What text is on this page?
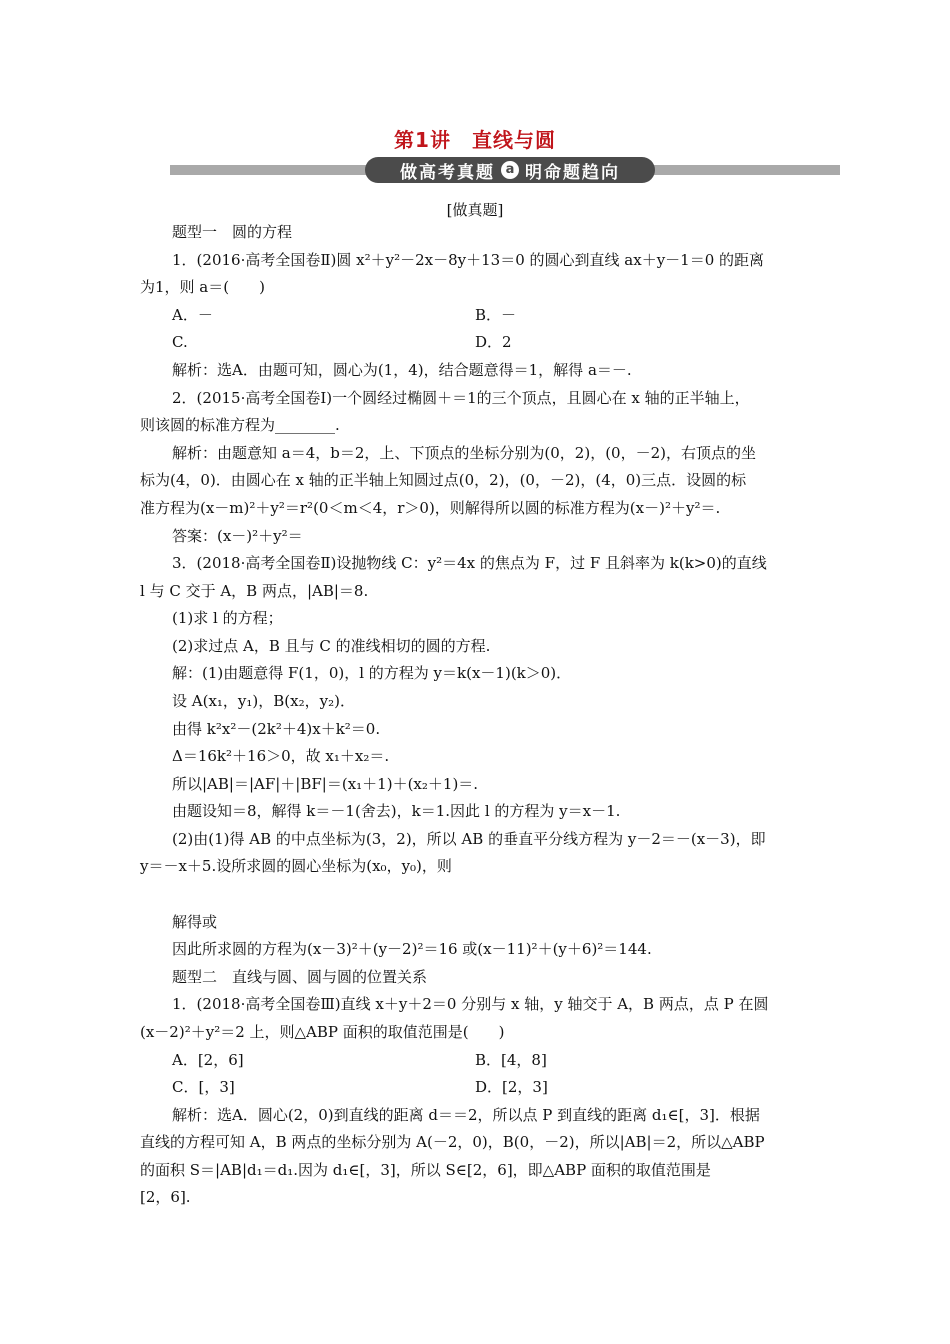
第1讲　直线与圆
做高考真题 a 明命题趋向
[做真题]
题型一　圆的方程
1．(2016·高考全国卷Ⅱ)圆 x²＋y²－2x－8y＋13＝0 的圆心到直线 ax＋y－1＝0 的距离
为1，则 a＝(　　)
A．－	B．－
C.	D．2
解析：选A．由题可知，圆心为(1，4)，结合题意得＝1，解得 a＝－.
2．(2015·高考全国卷Ⅰ)一个圆经过椭圆＋＝1的三个顶点，且圆心在 x 轴的正半轴上，
则该圆的标准方程为________.
解析：由题意知 a＝4，b＝2，上、下顶点的坐标分别为(0，2)，(0，－2)，右顶点的坐
标为(4，0)．由圆心在 x 轴的正半轴上知圆过点(0，2)，(0，－2)，(4，0)三点．设圆的标
准方程为(x－m)²＋y²＝r²(0＜m＜4，r＞0)，则解得所以圆的标准方程为(x－)²＋y²＝.
答案：(x－)²＋y²＝
3．(2018·高考全国卷Ⅱ)设抛物线 C：y²＝4x 的焦点为 F，过 F 且斜率为 k(k>0)的直线
l 与 C 交于 A，B 两点，|AB|＝8.
(1)求 l 的方程；
(2)求过点 A，B 且与 C 的准线相切的圆的方程.
解：(1)由题意得 F(1，0)，l 的方程为 y＝k(x－1)(k＞0)．
设 A(x₁，y₁)，B(x₂，y₂)．
由得 k²x²－(2k²＋4)x＋k²＝0.
Δ＝16k²＋16＞0，故 x₁＋x₂＝.
所以|AB|＝|AF|＋|BF|＝(x₁＋1)＋(x₂＋1)＝.
由题设知＝8，解得 k＝－1(舍去)，k＝1.因此 l 的方程为 y＝x－1.
(2)由(1)得 AB 的中点坐标为(3，2)，所以 AB 的垂直平分线方程为 y－2＝－(x－3)，即
y＝－x＋5.设所求圆的圆心坐标为(x₀，y₀)，则
解得或
因此所求圆的方程为(x－3)²＋(y－2)²＝16 或(x－11)²＋(y＋6)²＝144.
题型二　直线与圆、圆与圆的位置关系
1．(2018·高考全国卷Ⅲ)直线 x＋y＋2＝0 分别与 x 轴，y 轴交于 A，B 两点，点 P 在圆
(x－2)²＋y²＝2 上，则△ABP 面积的取值范围是(　　)
A．[2，6]	B．[4，8]
C．[，3]	D．[2，3]
解析：选A．圆心(2，0)到直线的距离 d＝＝2，所以点 P 到直线的距离 d₁∈[，3]．根据
直线的方程可知 A，B 两点的坐标分别为 A(－2，0)，B(0，－2)，所以|AB|＝2，所以△ABP
的面积 S＝|AB|d₁＝d₁.因为 d₁∈[，3]，所以 S∈[2，6]，即△ABP 面积的取值范围是
[2，6].
